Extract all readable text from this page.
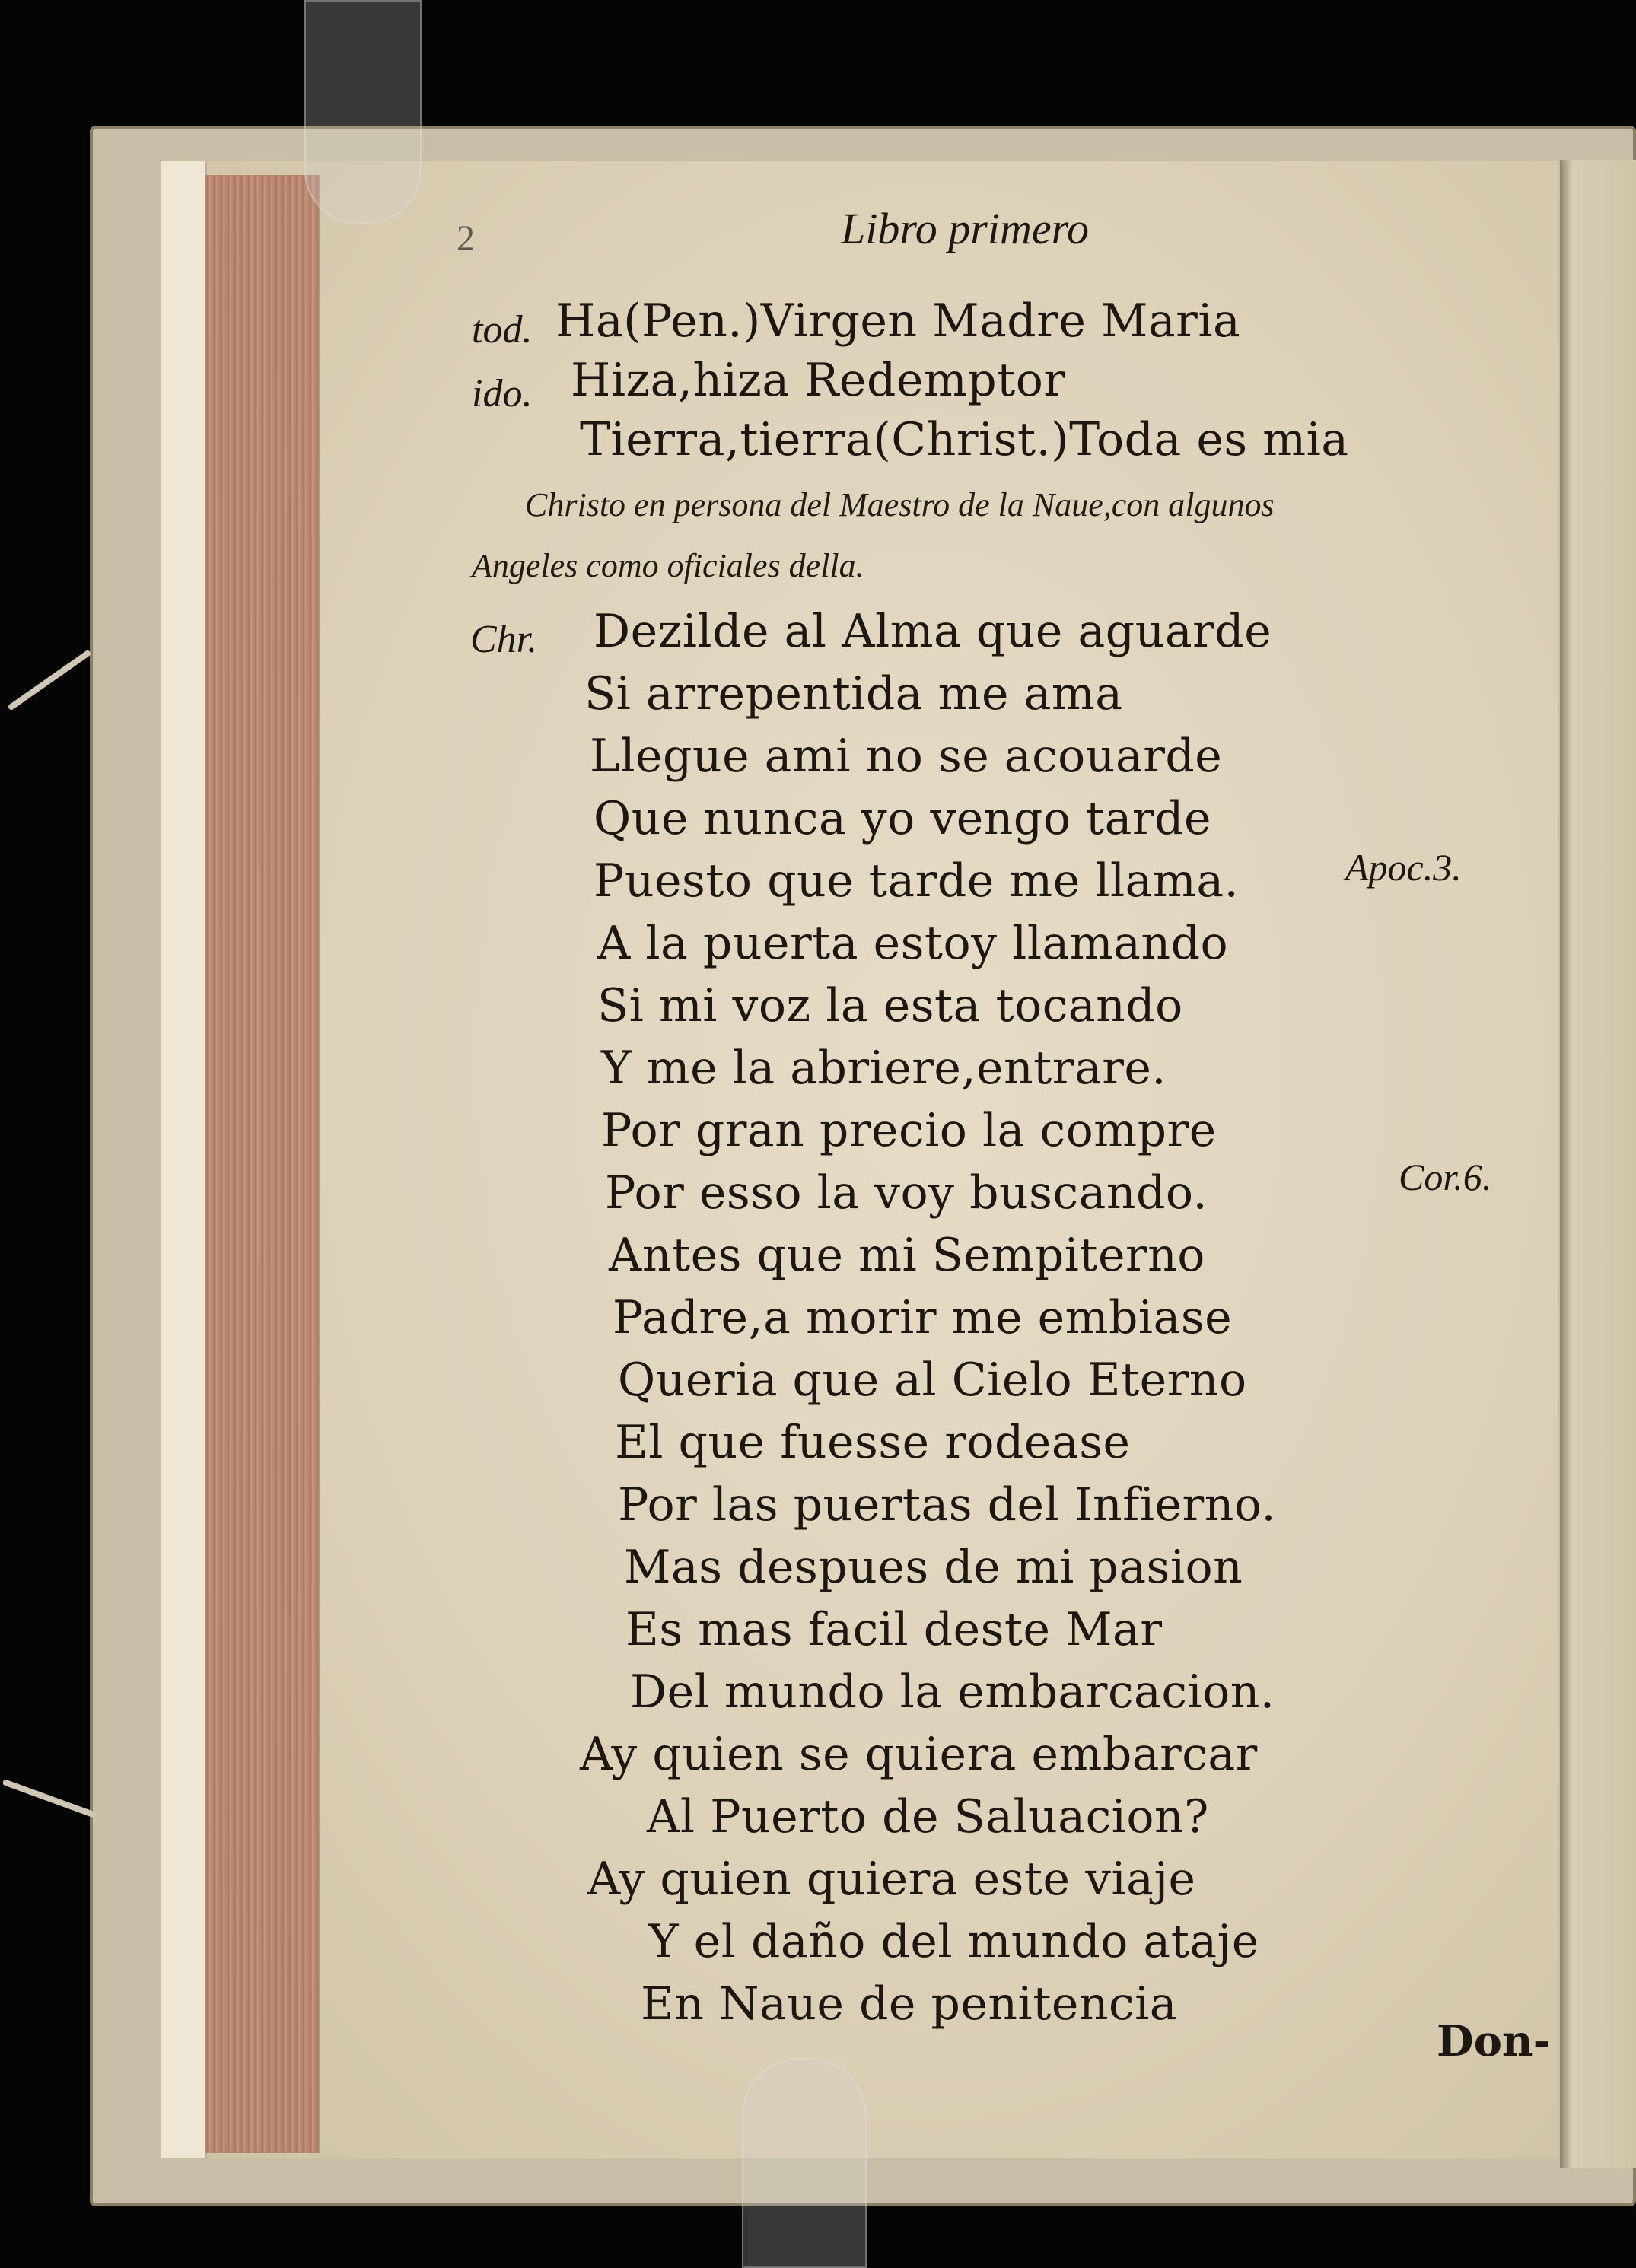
2	Libro primero
tod.
ido.
Chr.
Christo en persona del Maestro de la Naue,con algunos
Angeles como oficiales della.
Apoc.3.
Cor.6.
Ha(Pen.)Virgen Madre Maria
Hiza,hiza Redemptor
Tierra,tierra(Christ.)Toda es mia
Dezilde al Alma que aguarde
Si arrepentida me ama
Llegue ami no se acouarde
Que nunca yo vengo tarde
Puesto que tarde me llama.
A la puerta estoy llamando
Si mi voz la esta tocando
Y me la abriere,entrare.
Por gran precio la compre
Por esso la voy buscando.
Antes que mi Sempiterno
Padre,a morir me embiase
Queria que al Cielo Eterno
El que fuesse rodease
Por las puertas del Infierno.
Mas despues de mi pasion
Es mas facil deste Mar
Del mundo la embarcacion.
Ay quien se quiera embarcar
Al Puerto de Saluacion?
Ay quien quiera este viaje
Y el daño del mundo ataje
En Naue de penitencia
Don-
